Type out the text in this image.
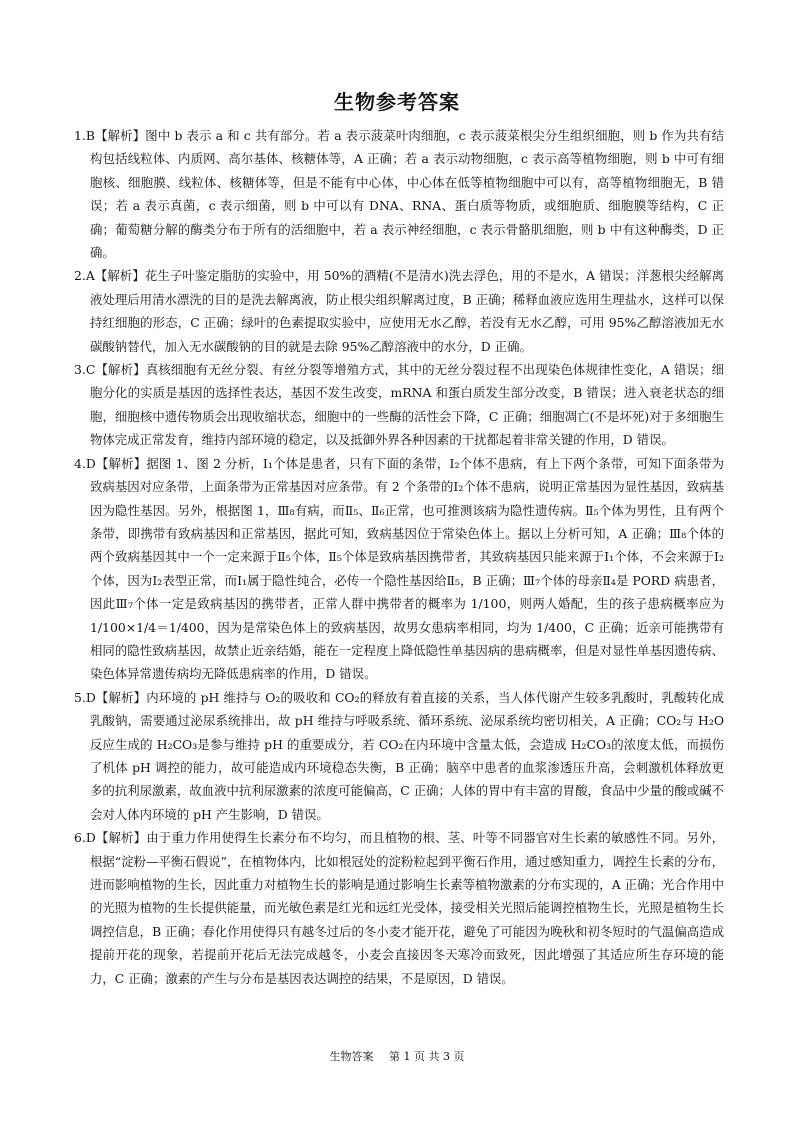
生物参考答案

1.B【解析】图中 b 表示 a 和 c 共有部分。若 a 表示菠菜叶肉细胞，c 表示菠菜根尖分生组织细胞，则 b 作为共有结构包括线粒体、内质网、高尔基体、核糖体等，A 正确；若 a 表示动物细胞，c 表示高等植物细胞，则 b 中可有细胞核、细胞膜、线粒体、核糖体等，但是不能有中心体，中心体在低等植物细胞中可以有，高等植物细胞无，B 错误；若 a 表示真菌，c 表示细菌，则 b 中可以有 DNA、RNA、蛋白质等物质，或细胞质、细胞膜等结构，C 正确；葡萄糖分解的酶类分布于所有的活细胞中，若 a 表示神经细胞，c 表示骨骼肌细胞，则 b 中有这种酶类，D 正确。

2.A【解析】花生子叶鉴定脂肪的实验中，用 50%的酒精(不是清水)洗去浮色，用的不是水，A 错误；洋葱根尖经解离液处理后用清水漂洗的目的是洗去解离液，防止根尖组织解离过度，B 正确；稀释血液应选用生理盐水，这样可以保持红细胞的形态，C 正确；绿叶的色素提取实验中，应使用无水乙醇，若没有无水乙醇，可用 95%乙醇溶液加无水碳酸钠替代，加入无水碳酸钠的目的就是去除 95%乙醇溶液中的水分，D 正确。

3.C【解析】真核细胞有无丝分裂、有丝分裂等增殖方式，其中的无丝分裂过程不出现染色体规律性变化，A 错误；细胞分化的实质是基因的选择性表达，基因不发生改变，mRNA 和蛋白质发生部分改变，B 错误；进入衰老状态的细胞，细胞核中遗传物质会出现收缩状态，细胞中的一些酶的活性会下降，C 正确；细胞凋亡(不是坏死)对于多细胞生物体完成正常发育，维持内部环境的稳定，以及抵御外界各种因素的干扰都起着非常关键的作用，D 错误。

4.D【解析】据图 1、图 2 分析，Ⅰ₁个体是患者，只有下面的条带，Ⅰ₂个体不患病，有上下两个条带，可知下面条带为致病基因对应条带，上面条带为正常基因对应条带。有 2 个条带的Ⅰ₂个体不患病，说明正常基因为显性基因，致病基因为隐性基因。另外，根据图 1，Ⅲ₈有病，而Ⅱ₅、Ⅱ₆正常，也可推测该病为隐性遗传病。Ⅱ₅个体为男性，且有两个条带，即携带有致病基因和正常基因，据此可知，致病基因位于常染色体上。据以上分析可知，A 正确；Ⅲ₈个体的两个致病基因其中一个一定来源于Ⅱ₅个体，Ⅱ₅个体是致病基因携带者，其致病基因只能来源于Ⅰ₁个体，不会来源于Ⅰ₂个体，因为Ⅰ₂表型正常，而Ⅰ₁属于隐性纯合，必传一个隐性基因给Ⅱ₅，B 正确；Ⅲ₇个体的母亲Ⅱ₄是 PORD 病患者，因此Ⅲ₇个体一定是致病基因的携带者，正常人群中携带者的概率为 1/100，则两人婚配，生的孩子患病概率应为 1/100×1/4＝1/400，因为是常染色体上的致病基因，故男女患病率相同，均为 1/400，C 正确；近亲可能携带有相同的隐性致病基因，故禁止近亲结婚，能在一定程度上降低隐性单基因病的患病概率，但是对显性单基因遗传病、染色体异常遗传病均无降低患病率的作用，D 错误。

5.D【解析】内环境的 pH 维持与 O₂的吸收和 CO₂的释放有着直接的关系，当人体代谢产生较多乳酸时，乳酸转化成乳酸钠，需要通过泌尿系统排出，故 pH 维持与呼吸系统、循环系统、泌尿系统均密切相关，A 正确；CO₂与 H₂O 反应生成的 H₂CO₃是参与维持 pH 的重要成分，若 CO₂在内环境中含量太低，会造成 H₂CO₃的浓度太低，而损伤了机体 pH 调控的能力，故可能造成内环境稳态失衡，B 正确；脑卒中患者的血浆渗透压升高，会刺激机体释放更多的抗利尿激素，故血液中抗利尿激素的浓度可能偏高，C 正确；人体的胃中有丰富的胃酸，食品中少量的酸或碱不会对人体内环境的 pH 产生影响，D 错误。

6.D【解析】由于重力作用使得生长素分布不均匀，而且植物的根、茎、叶等不同器官对生长素的敏感性不同。另外，根据“淀粉—平衡石假说”，在植物体内，比如根冠处的淀粉粒起到平衡石作用，通过感知重力，调控生长素的分布，进而影响植物的生长，因此重力对植物生长的影响是通过影响生长素等植物激素的分布实现的，A 正确；光合作用中的光照为植物的生长提供能量，而光敏色素是红光和远红光受体，接受相关光照后能调控植物生长，光照是植物生长调控信息，B 正确；春化作用使得只有越冬过后的冬小麦才能开花，避免了可能因为晚秋和初冬短时的气温偏高造成提前开花的现象，若提前开花后无法完成越冬，小麦会直接因冬天寒冷而致死，因此增强了其适应所生存环境的能力，C 正确；激素的产生与分布是基因表达调控的结果，不是原因，D 错误。

生物答案 第 1 页 共 3 页
